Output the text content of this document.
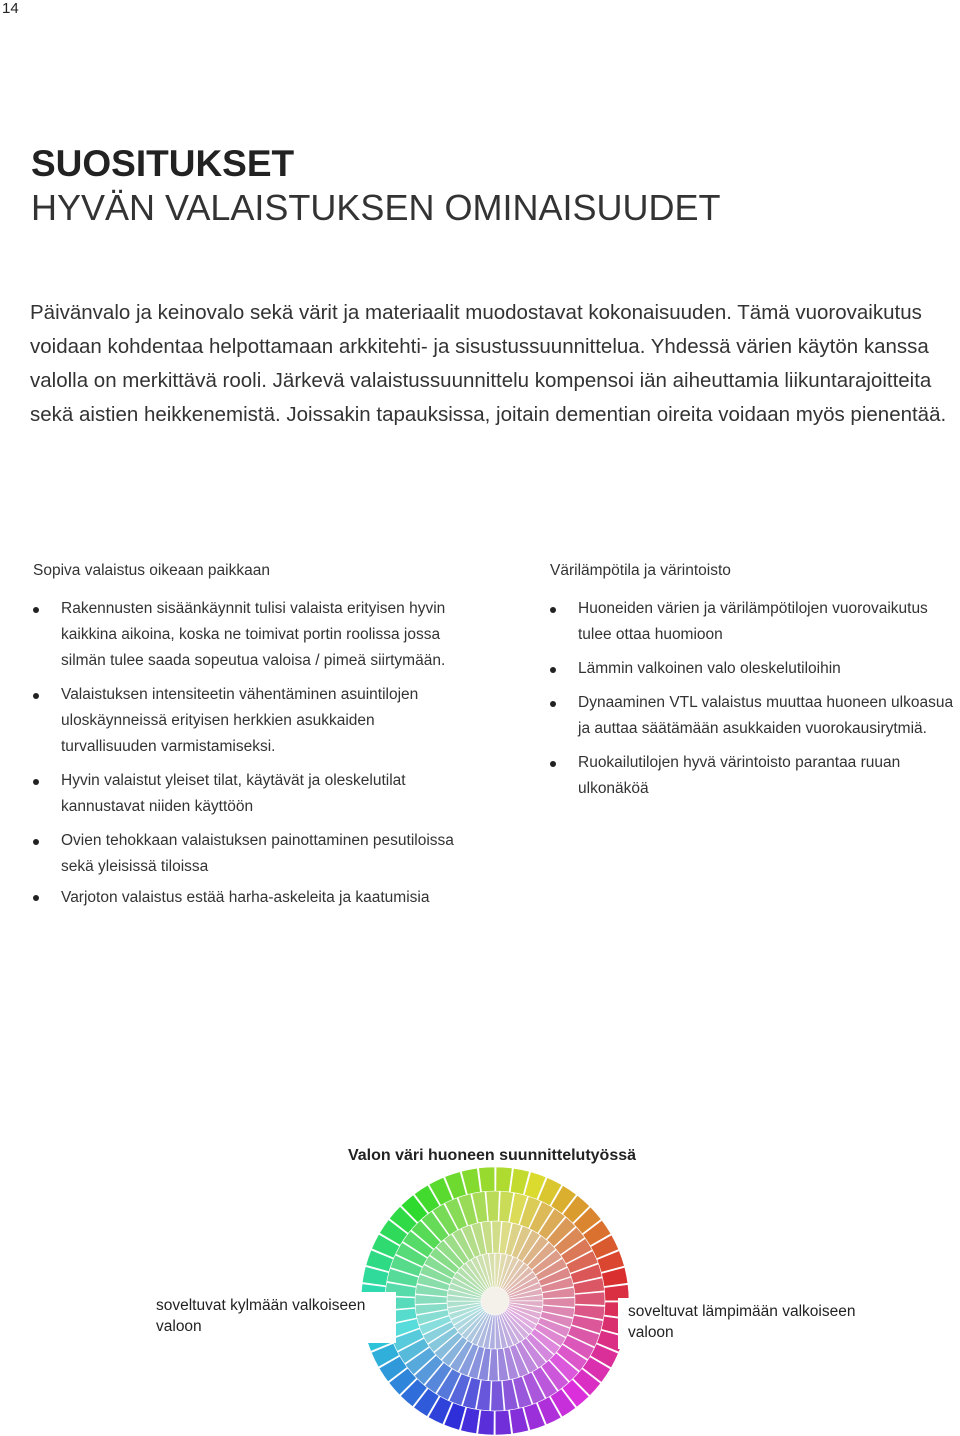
14
SUOSITUKSET
HYVÄN VALAISTUKSEN OMINAISUUDET
Päivänvalo ja keinovalo sekä värit ja materiaalit muodostavat kokonaisuuden. Tämä vuorovaikutus voidaan kohdentaa helpottamaan arkkitehti- ja sisustussuunnittelua. Yhdessä värien käytön kanssa valolla on merkittävä rooli. Järkevä valaistussuunnittelu kompensoi iän aiheuttamia liikuntarajoitteita sekä aistien heikkenemistä. Joissakin tapauksissa, joitain dementian oireita voidaan myös pienentää.
Sopiva valaistus oikeaan paikkaan
Rakennusten sisäänkäynnit tulisi valaista erityisen hyvin kaikkina aikoina, koska ne toimivat portin roolissa jossa silmän tulee saada sopeutua valoisa / pimeä siirtymään.
Valaistuksen intensiteetin vähentäminen asuintilojen uloskäynneissä erityisen herkkien asukkaiden turvallisuuden varmistamiseksi.
Hyvin valaistut yleiset tilat, käytävät ja oleskelutilat kannustavat niiden käyttöön
Ovien tehokkaan valaistuksen painottaminen pesutiloissa sekä yleisissä tiloissa
Varjoton valaistus estää harha-askeleita ja kaatumisia
Värilämpötila ja värintoisto
Huoneiden värien ja värilämpötilojen vuorovaikutus tulee ottaa huomioon
Lämmin valkoinen valo oleskelutiloihin
Dynaaminen VTL valaistus muuttaa huoneen ulkoasua ja auttaa säätämään asukkaiden vuorokausirytmiä.
Ruokailutilojen hyvä värintoisto parantaa ruuan ulkonäköä
Valon väri huoneen suunnittelutyössä
soveltuvat kylmään valkoiseen valoon
soveltuvat lämpimään valkoiseen valoon
